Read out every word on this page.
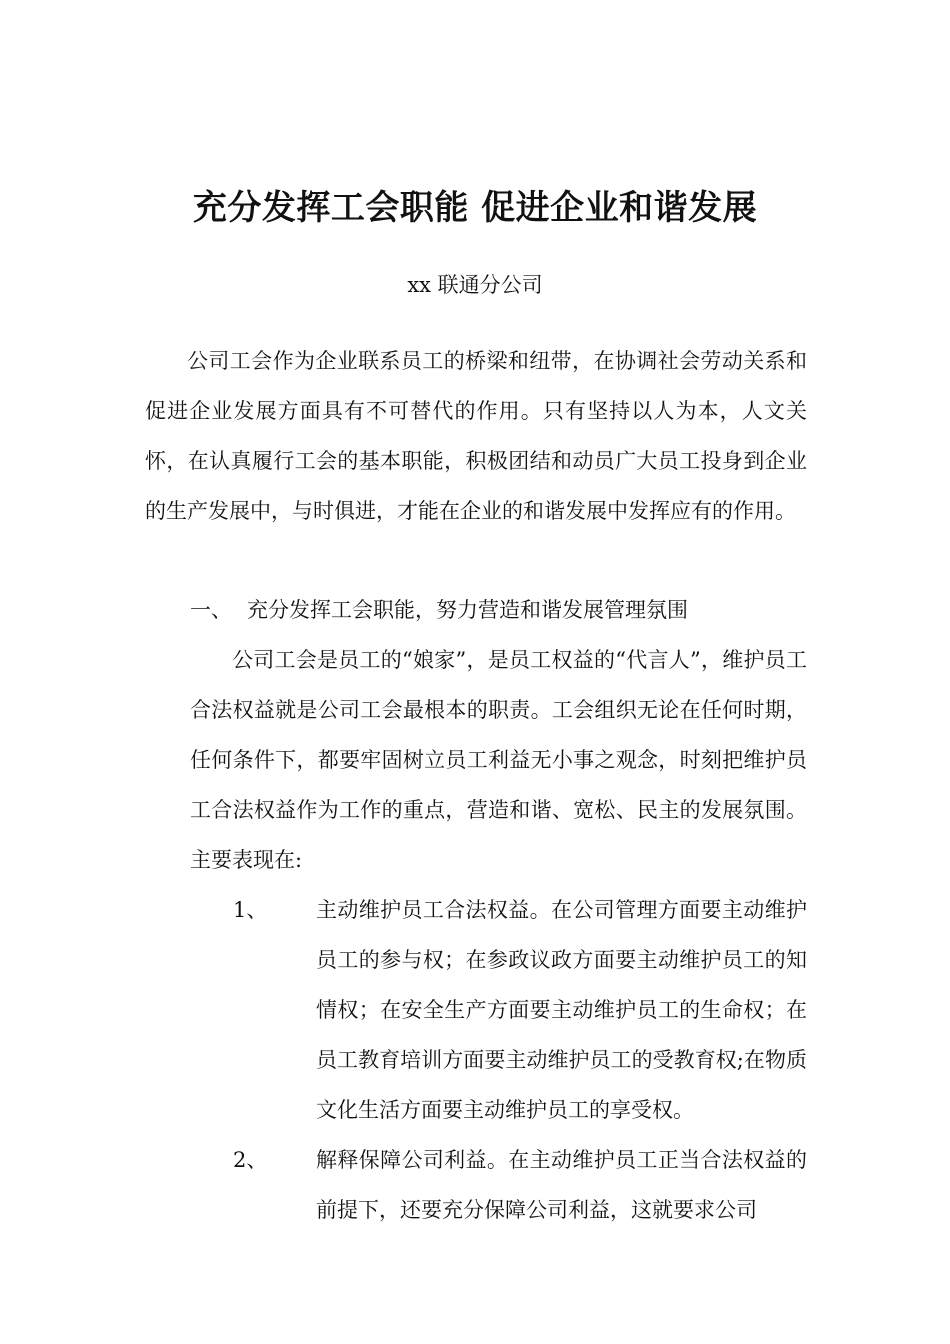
充分发挥工会职能 促进企业和谐发展
xx 联通分公司
公司工会作为企业联系员工的桥梁和纽带，在协调社会劳动关系和促进企业发展方面具有不可替代的作用。只有坚持以人为本，人文关怀，在认真履行工会的基本职能，积极团结和动员广大员工投身到企业的生产发展中，与时俱进，才能在企业的和谐发展中发挥应有的作用。
一、 充分发挥工会职能，努力营造和谐发展管理氛围
公司工会是员工的“娘家”，是员工权益的“代言人”，维护员工合法权益就是公司工会最根本的职责。工会组织无论在任何时期，任何条件下，都要牢固树立员工利益无小事之观念，时刻把维护员工合法权益作为工作的重点，营造和谐、宽松、民主的发展氛围。主要表现在:
1、	主动维护员工合法权益。在公司管理方面要主动维护员工的参与权；在参政议政方面要主动维护员工的知情权；在安全生产方面要主动维护员工的生命权；在员工教育培训方面要主动维护员工的受教育权;在物质文化生活方面要主动维护员工的享受权。
2、	解释保障公司利益。在主动维护员工正当合法权益的前提下，还要充分保障公司利益，这就要求公司
